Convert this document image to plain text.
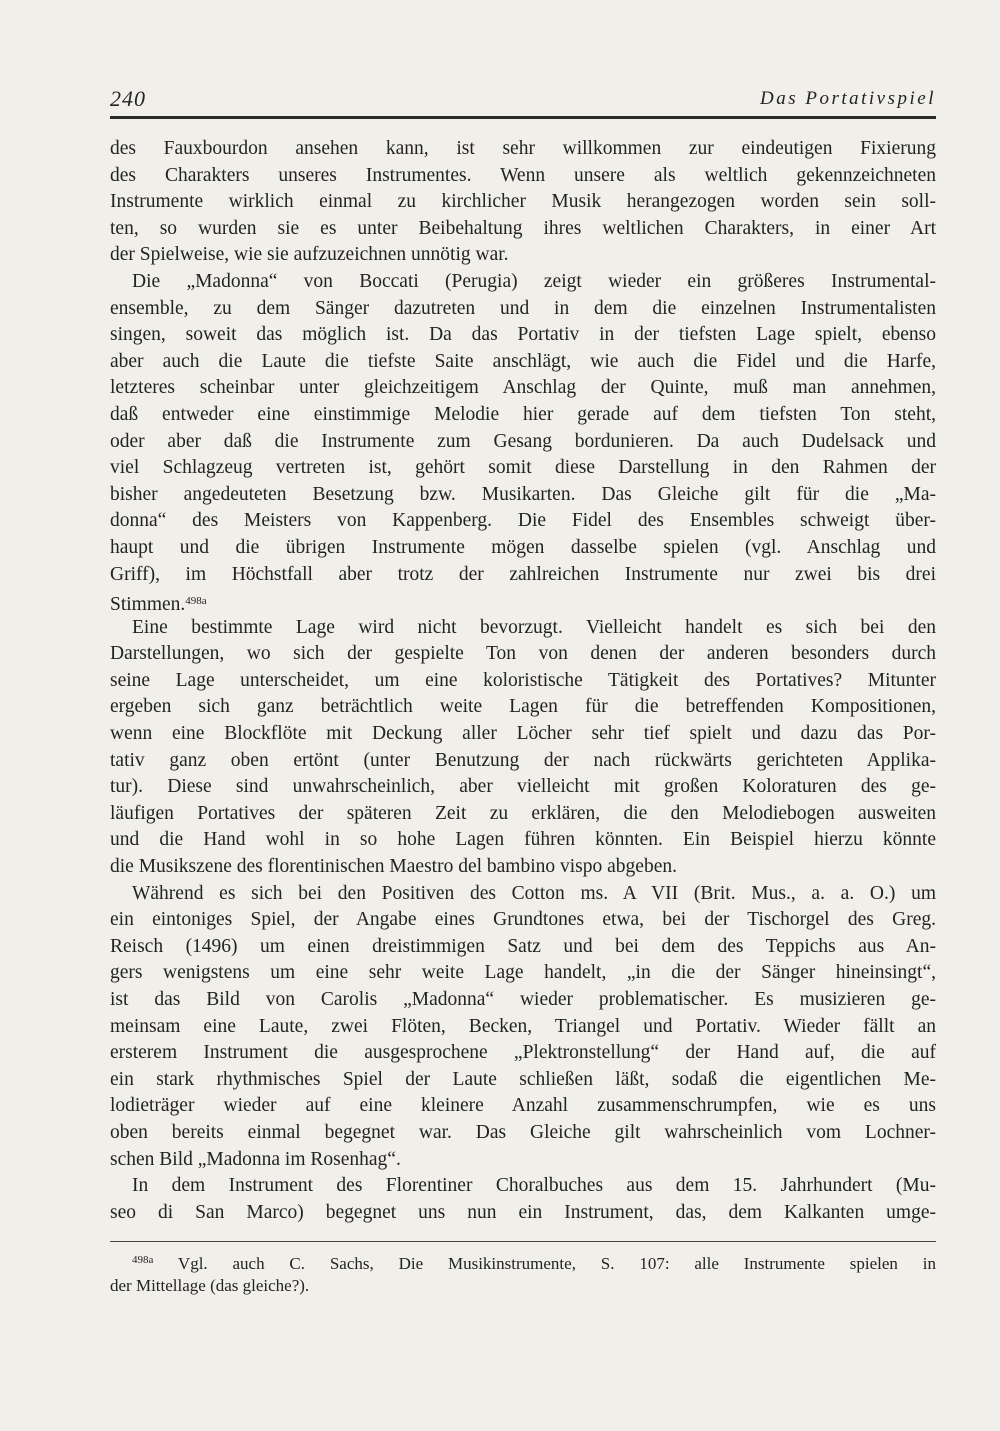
240	Das Portativspiel
des Fauxbourdon ansehen kann, ist sehr willkommen zur eindeutigen Fixierung
des Charakters unseres Instrumentes. Wenn unsere als weltlich gekennzeichneten
Instrumente wirklich einmal zu kirchlicher Musik herangezogen worden sein soll-
ten, so wurden sie es unter Beibehaltung ihres weltlichen Charakters, in einer Art
der Spielweise, wie sie aufzuzeichnen unnötig war.
Die „Madonna“ von Boccati (Perugia) zeigt wieder ein größeres Instrumental-
ensemble, zu dem Sänger dazutreten und in dem die einzelnen Instrumentalisten
singen, soweit das möglich ist. Da das Portativ in der tiefsten Lage spielt, ebenso
aber auch die Laute die tiefste Saite anschlägt, wie auch die Fidel und die Harfe,
letzteres scheinbar unter gleichzeitigem Anschlag der Quinte, muß man annehmen,
daß entweder eine einstimmige Melodie hier gerade auf dem tiefsten Ton steht,
oder aber daß die Instrumente zum Gesang bordunieren. Da auch Dudelsack und
viel Schlagzeug vertreten ist, gehört somit diese Darstellung in den Rahmen der
bisher angedeuteten Besetzung bzw. Musikarten. Das Gleiche gilt für die „Ma-
donna“ des Meisters von Kappenberg. Die Fidel des Ensembles schweigt über-
haupt und die übrigen Instrumente mögen dasselbe spielen (vgl. Anschlag und
Griff), im Höchstfall aber trotz der zahlreichen Instrumente nur zwei bis drei
Stimmen.$^{498a}$
Eine bestimmte Lage wird nicht bevorzugt. Vielleicht handelt es sich bei den
Darstellungen, wo sich der gespielte Ton von denen der anderen besonders durch
seine Lage unterscheidet, um eine koloristische Tätigkeit des Portatives? Mitunter
ergeben sich ganz beträchtlich weite Lagen für die betreffenden Kompositionen,
wenn eine Blockflöte mit Deckung aller Löcher sehr tief spielt und dazu das Por-
tativ ganz oben ertönt (unter Benutzung der nach rückwärts gerichteten Applika-
tur). Diese sind unwahrscheinlich, aber vielleicht mit großen Koloraturen des ge-
läufigen Portatives der späteren Zeit zu erklären, die den Melodiebogen ausweiten
und die Hand wohl in so hohe Lagen führen könnten. Ein Beispiel hierzu könnte
die Musikszene des florentinischen Maestro del bambino vispo abgeben.
Während es sich bei den Positiven des Cotton ms. A VII (Brit. Mus., a. a. O.) um
ein eintoniges Spiel, der Angabe eines Grundtones etwa, bei der Tischorgel des Greg.
Reisch (1496) um einen dreistimmigen Satz und bei dem des Teppichs aus An-
gers wenigstens um eine sehr weite Lage handelt, „in die der Sänger hineinsingt“,
ist das Bild von Carolis „Madonna“ wieder problematischer. Es musizieren ge-
meinsam eine Laute, zwei Flöten, Becken, Triangel und Portativ. Wieder fällt an
ersterem Instrument die ausgesprochene „Plektronstellung“ der Hand auf, die auf
ein stark rhythmisches Spiel der Laute schließen läßt, sodaß die eigentlichen Me-
lodieträger wieder auf eine kleinere Anzahl zusammenschrumpfen, wie es uns
oben bereits einmal begegnet war. Das Gleiche gilt wahrscheinlich vom Lochner-
schen Bild „Madonna im Rosenhag“.
In dem Instrument des Florentiner Choralbuches aus dem 15. Jahrhundert (Mu-
seo di San Marco) begegnet uns nun ein Instrument, das, dem Kalkanten umge-
$^{498a}$ Vgl. auch C. Sachs, Die Musikinstrumente, S. 107: alle Instrumente spielen in
der Mittellage (das gleiche?).
